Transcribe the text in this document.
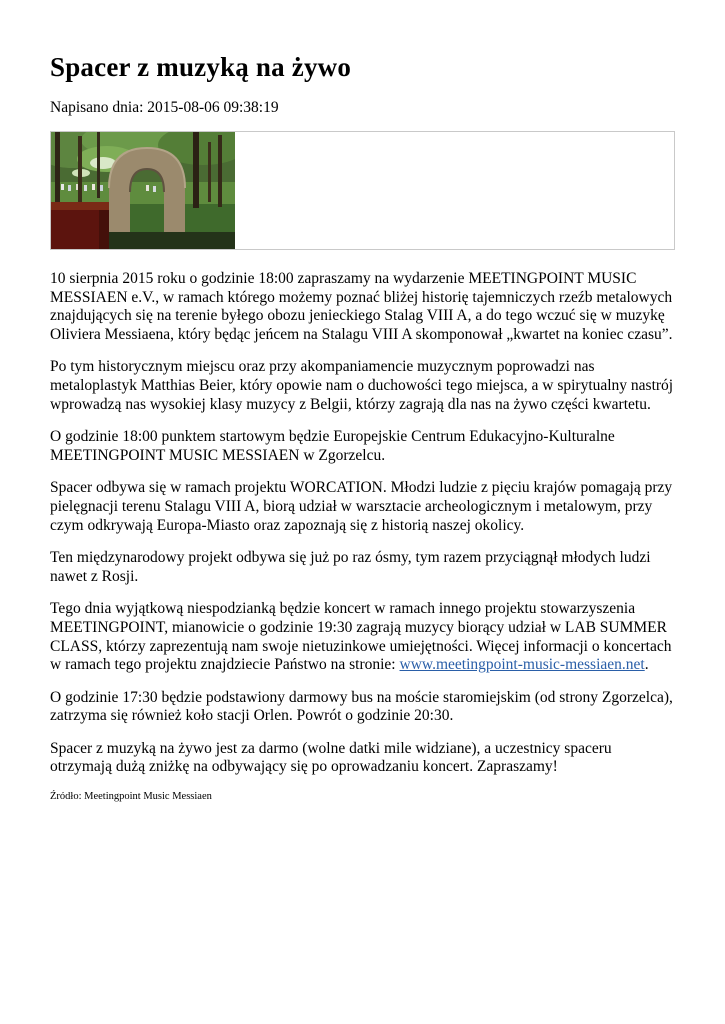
Spacer z muzyką na żywo
Napisano dnia: 2015-08-06 09:38:19

10 sierpnia 2015 roku o godzinie 18:00 zapraszamy na wydarzenie MEETINGPOINT MUSIC MESSIAEN e.V., w ramach którego możemy poznać bliżej historię tajemniczych rzeźb metalowych znajdujących się na terenie byłego obozu jenieckiego Stalag VIII A, a do tego wczuć się w muzykę Oliviera Messiaena, który będąc jeńcem na Stalagu VIII A skomponował „kwartet na koniec czasu”.

Po tym historycznym miejscu oraz przy akompaniamencie muzycznym poprowadzi nas metaloplastyk Matthias Beier, który opowie nam o duchowości tego miejsca, a w spirytualny nastrój wprowadzą nas wysokiej klasy muzycy z Belgii, którzy zagrają dla nas na żywo części kwartetu.

O godzinie 18:00 punktem startowym będzie Europejskie Centrum Edukacyjno-Kulturalne MEETINGPOINT MUSIC MESSIAEN w Zgorzelcu.

Spacer odbywa się w ramach projektu WORCATION. Młodzi ludzie z pięciu krajów pomagają przy pielęgnacji terenu Stalagu VIII A, biorą udział w warsztacie archeologicznym i metalowym, przy czym odkrywają Europa-Miasto oraz zapoznają się z historią naszej okolicy.

Ten międzynarodowy projekt odbywa się już po raz ósmy, tym razem przyciągnął młodych ludzi nawet z Rosji.

Tego dnia wyjątkową niespodzianką będzie koncert w ramach innego projektu stowarzyszenia MEETINGPOINT, mianowicie o godzinie 19:30 zagrają muzycy biorący udział w LAB SUMMER CLASS, którzy zaprezentują nam swoje nietuzinkowe umiejętności. Więcej informacji o koncertach w ramach tego projektu znajdziecie Państwo na stronie: www.meetingpoint-music-messiaen.net.

O godzinie 17:30 będzie podstawiony darmowy bus na moście staromiejskim (od strony Zgorzelca), zatrzyma się również koło stacji Orlen. Powrót o godzinie 20:30.

Spacer z muzyką na żywo jest za darmo (wolne datki mile widziane), a uczestnicy spaceru otrzymają dużą zniżkę na odbywający się po oprowadzaniu koncert. Zapraszamy!

Źródło: Meetingpoint Music Messiaen
